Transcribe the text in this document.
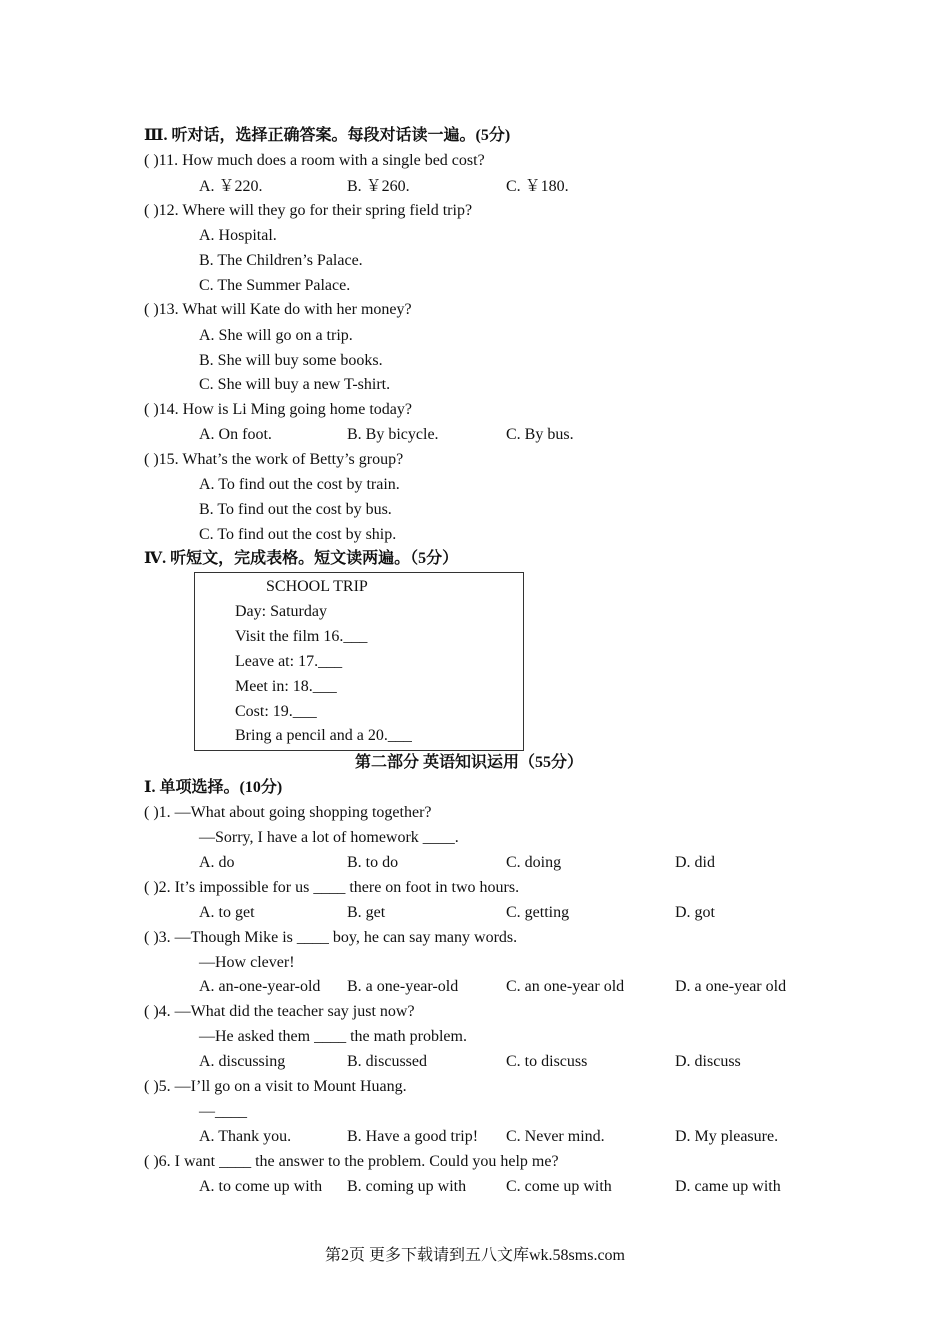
Ⅲ. 听对话，选择正确答案。每段对话读一遍。(5分)
( )11. How much does a room with a single bed cost?
A. ￥220.	B. ￥260.	C. ￥180.
( )12. Where will they go for their spring field trip?
A. Hospital.
B. The Children’s Palace.
C. The Summer Palace.
( )13. What will Kate do with her money?
A. She will go on a trip.
B. She will buy some books.
C. She will buy a new T-shirt.
( )14. How is Li Ming going home today?
A. On foot.	B. By bicycle.	C. By bus.
( )15. What’s the work of Betty’s group?
A. To find out the cost by train.
B. To find out the cost by bus.
C. To find out the cost by ship.
Ⅳ. 听短文，完成表格。短文读两遍。（5分）
SCHOOL TRIP
Day: Saturday
Visit the film 16.___
Leave at: 17.___
Meet in: 18.___
Cost: 19.___
Bring a pencil and a 20.___
第二部分 英语知识运用（55分）
Ⅰ. 单项选择。(10分)
( )1. —What about going shopping together?
—Sorry, I have a lot of homework ____.
A. do	B. to do	C. doing	D. did
( )2. It’s impossible for us ____ there on foot in two hours.
A. to get	B. get	C. getting	D. got
( )3. —Though Mike is ____ boy, he can say many words.
—How clever!
A. an-one-year-old B. a one-year-old	C. an one-year old	D. a one-year old
( )4. —What did the teacher say just now?
—He asked them ____ the math problem.
A. discussing	B. discussed	C. to discuss	D. discuss
( )5. —I’ll go on a visit to Mount Huang.
—____
A. Thank you.	B. Have a good trip! C. Never mind.	D. My pleasure.
( )6. I want ____ the answer to the problem. Could you help me?
A. to come up with B. coming up with C. come up with	D. came up with
第2页 更多下载请到五八文库wk.58sms.com
